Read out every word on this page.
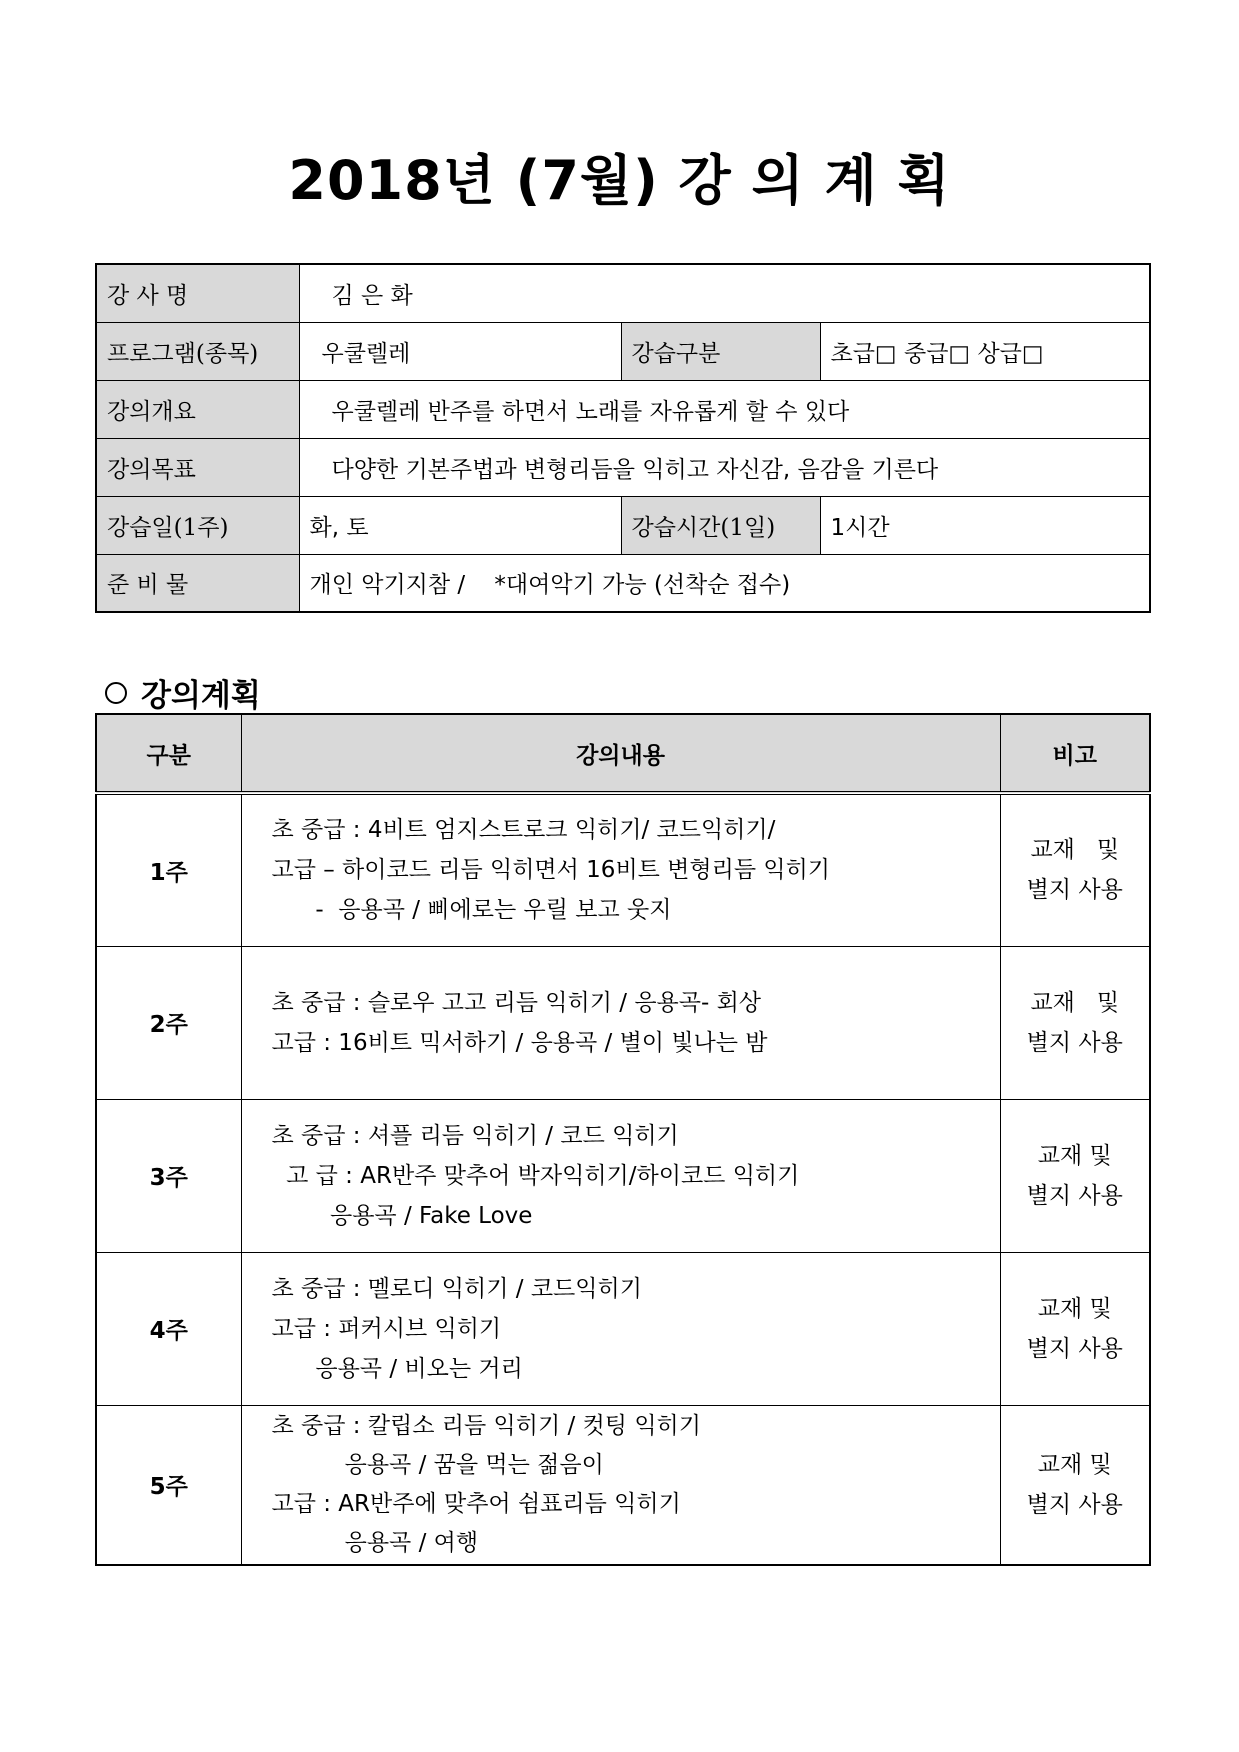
2018년 (7월) 강 의 계 획
강 사 명	김 은 화		
프로그램(종목)	우쿨렐레	강습구분	초급□ 중급□ 상급□
강의개요	우쿨렐레 반주를 하면서 노래를 자유롭게 할 수 있다		
강의목표	다양한 기본주법과 변형리듬을 익히고 자신감, 음감을 기른다		
강습일(1주)	화, 토	강습시간(1일)	1시간
준 비 물	개인 악기지참 /    *대여악기 가능 (선착순 접수)		
강의계획
구분	강의내용	비고
1주	초 중급 : 4비트 엄지스트로크 익히기/ 코드익히기/
고급 – 하이코드 리듬 익히면서 16비트 변형리듬 익히기
-  응용곡 / 삐에로는 우릴 보고 웃지	교재   및
별지 사용

2주	초 중급 : 슬로우 고고 리듬 익히기 / 응용곡- 회상
고급 : 16비트 믹서하기 / 응용곡 / 별이 빛나는 밤	교재   및
별지 사용

3주	초 중급 : 셔플 리듬 익히기 / 코드 익히기
고 급 : AR반주 맞추어 박자익히기/하이코드 익히기
응용곡 / Fake Love	교재 및
별지 사용

4주	초 중급 : 멜로디 익히기 / 코드익히기
고급 : 퍼커시브 익히기
응용곡 / 비오는 거리	교재 및
별지 사용

5주	초 중급 : 칼립소 리듬 익히기 / 컷팅 익히기
응용곡 / 꿈을 먹는 젊음이
고급 : AR반주에 맞추어 쉼표리듬 익히기
응용곡 / 여행	교재 및
별지 사용
